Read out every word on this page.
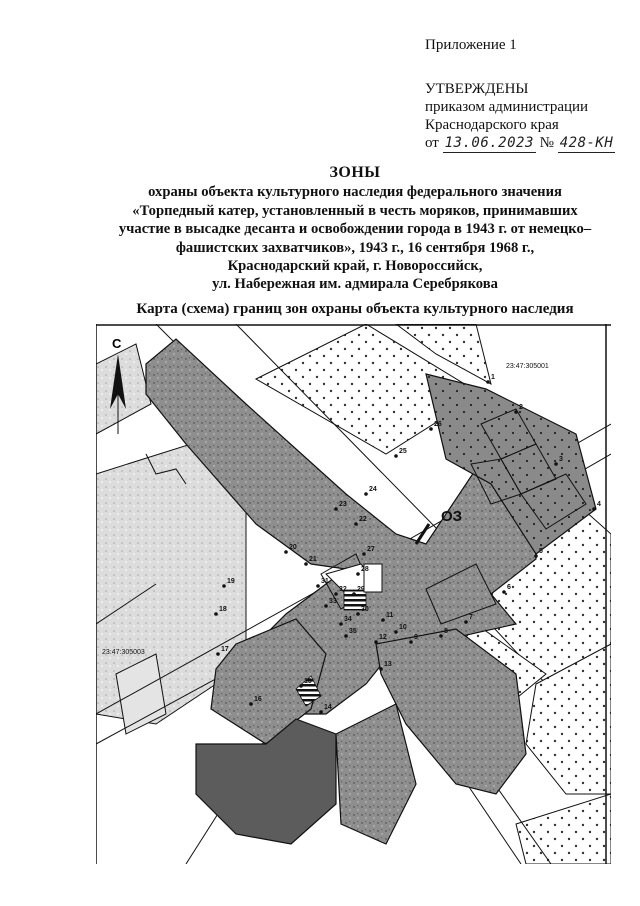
Приложение 1
УТВЕРЖДЕНЫ
приказом администрации
Краснодарского края
от 13.06.2023 № 428-КН
ЗОНЫ
охраны объекта культурного наследия федерального значения
«Торпедный катер, установленный в честь моряков, принимавших
участие в высадке десанта и освобождении города в 1943 г. от немецко–
фашистских захватчиков», 1943 г., 16 сентября 1968 г.,
Краснодарский край, г. Новороссийск,
ул. Набережная им. адмирала Серебрякова
Карта (схема) границ зон охраны объекта культурного наследия
С
ОЗ
23:47:305001
23:47:305003
1
2
3
4
5
6
7
8
9
10
11
12
13
14
15
16
17
18
19
20
21
22
23
24
25
26
27
28
29
30
31
32
33
34
35
